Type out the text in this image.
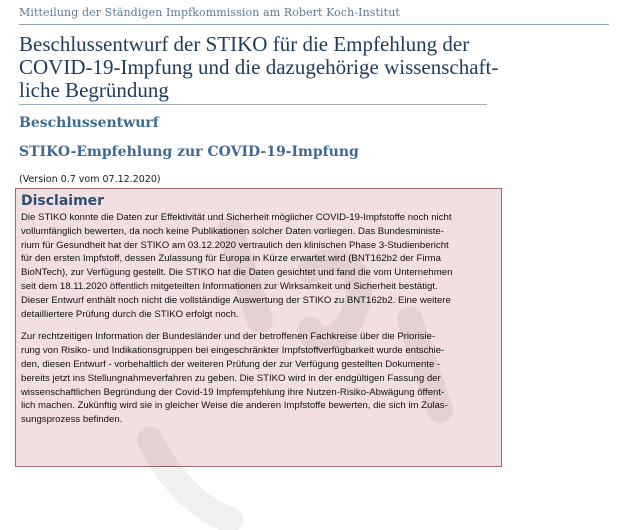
Mitteilung der Ständigen Impfkommission am Robert Koch-Institut
Beschlussentwurf der STIKO für die Empfehlung der
COVID-19-Impfung und die dazugehörige wissenschaft-
liche Begründung
Beschlussentwurf
STIKO-Empfehlung zur COVID-19-Impfung
(Version 0.7 vom 07.12.2020)
Disclaimer

Die STIKO konnte die Daten zur Effektivität und Sicherheit möglicher COVID-19-Impfstoffe noch nicht
vollumfänglich bewerten, da noch keine Publikationen solcher Daten vorliegen. Das Bundesministe-
rium für Gesundheit hat der STIKO am 03.12.2020 vertraulich den klinischen Phase 3-Studienbericht
für den ersten Impfstoff, dessen Zulassung für Europa in Kürze erwartet wird (BNT162b2 der Firma
BioNTech), zur Verfügung gestellt. Die STIKO hat die Daten gesichtet und fand die vom Unternehmen
seit dem 18.11.2020 öffentlich mitgeteilten Informationen zur Wirksamkeit und Sicherheit bestätigt.
Dieser Entwurf enthält noch nicht die vollständige Auswertung der STIKO zu BNT162b2. Eine weitere
detailliertere Prüfung durch die STIKO erfolgt noch.

Zur rechtzeitigen Information der Bundesländer und der betroffenen Fachkreise über die Priorisie-
rung von Risiko- und Indikationsgruppen bei eingeschränkter Impfstoffverfügbarkeit wurde entschie-
den, diesen Entwurf - vorbehaltlich der weiteren Prüfung der zur Verfügung gestellten Dokumente -
bereits jetzt ins Stellungnahmeverfahren zu geben. Die STIKO wird in der endgültigen Fassung der
wissenschaftlichen Begründung der Covid-19 Impfempfehlung ihre Nutzen-Risiko-Abwägung öffent-
lich machen. Zukünftig wird sie in gleicher Weise die anderen Impfstoffe bewerten, die sich im Zulas-
sungsprozess befinden.
